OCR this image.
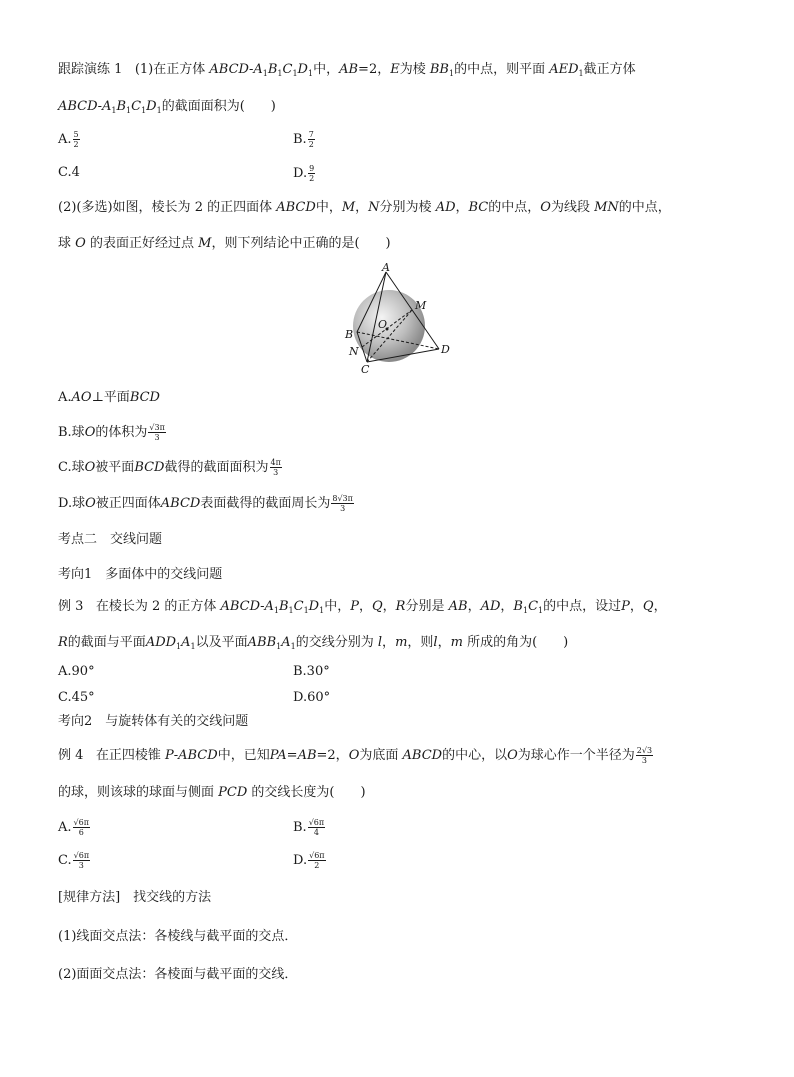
跟踪演练 1 (1)在正方体 ABCD-$A_1B_1C_1D_1$中，AB=2，E为棱 $BB_1$的中点，则平面 $AED_1$截正方体
ABCD-$A_1B_1C_1D_1$的截面面积为(　　)
A. $\frac{5}{2}$	B. $\frac{7}{2}$
C.4	D. $\frac{9}{2}$
(2)(多选)如图，棱长为 2 的正四面体 ABCD中，M，N分别为棱 AD，BC的中点，O为线段 MN的中点，
球 O 的表面正好经过点 M，则下列结论中正确的是(　　)
A
M
O
B
D
N
C
A.AO⊥平面BCD
B.球O的体积为 $\frac{√3\pi}{3}$
C.球O被平面BCD截得的截面面积为 $\frac{4\pi}{3}$
D.球O被正四面体ABCD表面截得的截面周长为 $\frac{8√3\pi}{3}$
考点二　交线问题
考向1　多面体中的交线问题
例 3 在棱长为 2 的正方体 ABCD-$A_1B_1C_1D_1$中，P，Q，R分别是 AB，AD，$B_1C_1$的中点，设过P，Q，
R的截面与平面$ADD_1A_1$以及平面$ABB_1A_1$的交线分别为 l，m，则l，m 所成的角为(　　)
A.90°	B.30°
C.45°	D.60°
考向2　与旋转体有关的交线问题
例 4 在正四棱锥 P-ABCD中，已知PA=AB=2，O为底面 ABCD的中心，以O为球心作一个半径为 $\frac{2√3}{3}$
的球，则该球的球面与侧面 PCD 的交线长度为(　　)
A. $\frac{√6\pi}{6}$	B. $\frac{√6\pi}{4}$
C. $\frac{√6\pi}{3}$	D. $\frac{√6\pi}{2}$
[规律方法]　找交线的方法
(1)线面交点法：各棱线与截平面的交点．
(2)面面交点法：各棱面与截平面的交线．
